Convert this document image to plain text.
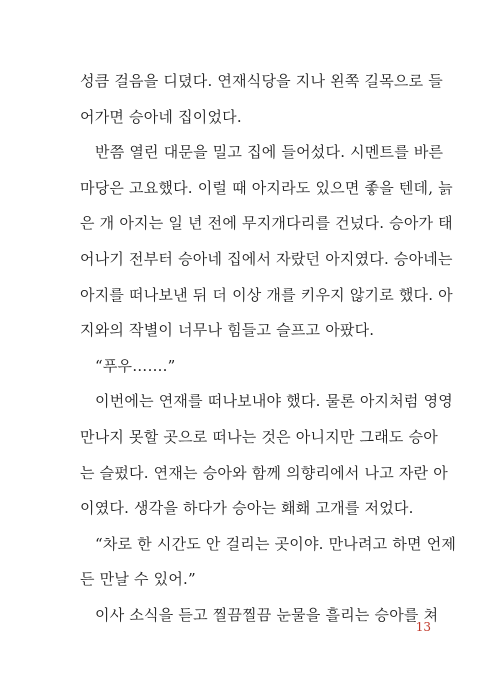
성큼 걸음을 디뎠다. 연재식당을 지나 왼쪽 길목으로 들
어가면 승아네 집이었다.
반쯤 열린 대문을 밀고 집에 들어섰다. 시멘트를 바른
마당은 고요했다. 이럴 때 아지라도 있으면 좋을 텐데, 늙
은 개 아지는 일 년 전에 무지개다리를 건넜다. 승아가 태
어나기 전부터 승아네 집에서 자랐던 아지였다. 승아네는
아지를 떠나보낸 뒤 더 이상 개를 키우지 않기로 했다. 아
지와의 작별이 너무나 힘들고 슬프고 아팠다.
“푸우…….”
이번에는 연재를 떠나보내야 했다. 물론 아지처럼 영영
만나지 못할 곳으로 떠나는 것은 아니지만 그래도 승아
는 슬펐다. 연재는 승아와 함께 의향리에서 나고 자란 아
이였다. 생각을 하다가 승아는 홰홰 고개를 저었다.
“차로 한 시간도 안 걸리는 곳이야. 만나려고 하면 언제
든 만날 수 있어.”
이사 소식을 듣고 찔끔찔끔 눈물을 흘리는 승아를 쳐
13
